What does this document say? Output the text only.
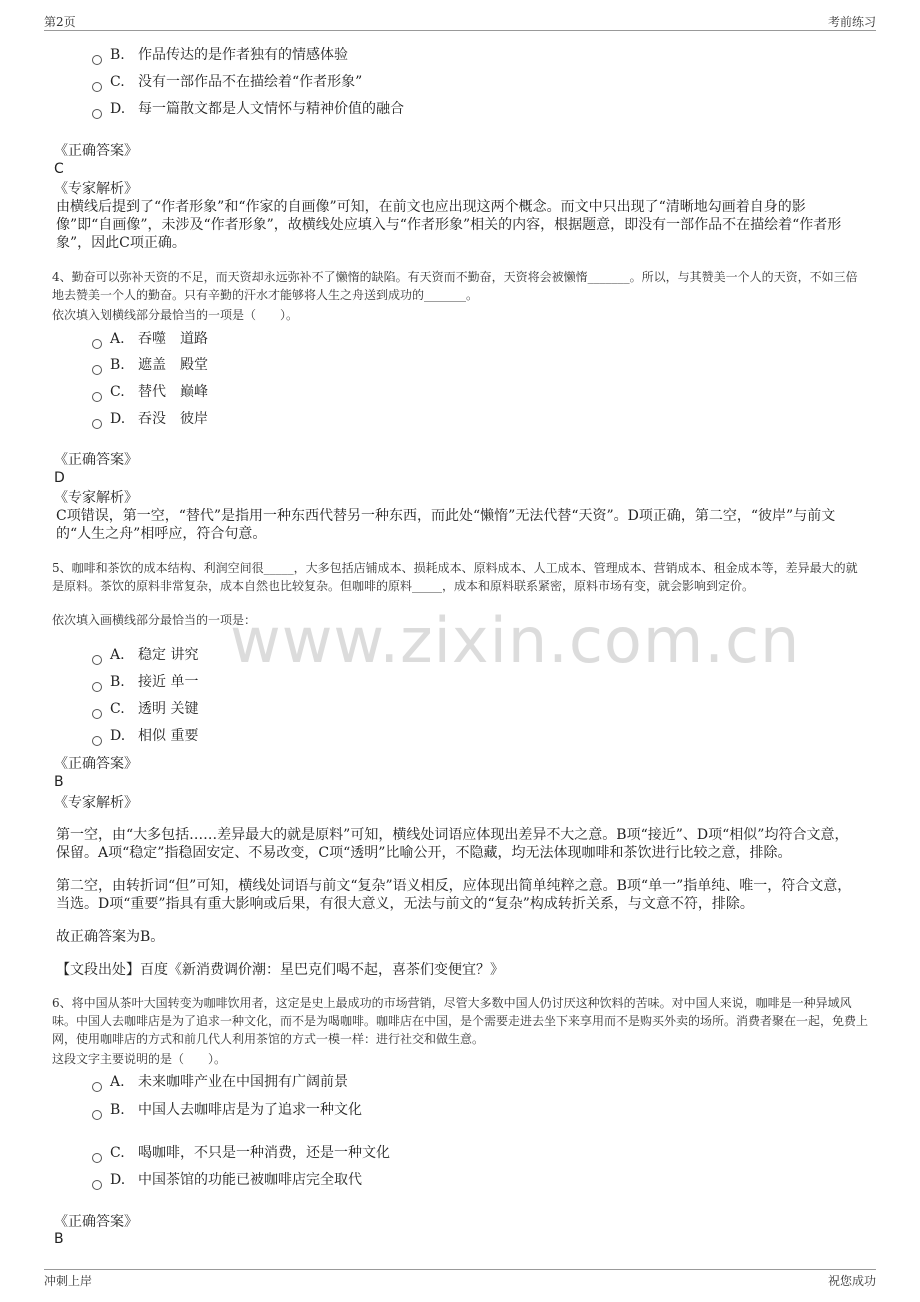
第2页	考前练习
www.zixin.com.cn
B. 作品传达的是作者独有的情感体验
C. 没有一部作品不在描绘着“作者形象”
D. 每一篇散文都是人文情怀与精神价值的融合
《正确答案》
C
《专家解析》
由横线后提到了“作者形象”和“作家的自画像”可知，在前文也应出现这两个概念。而文中只出现了“清晰地勾画着自身的影像”即“自画像”，未涉及“作者形象”，故横线处应填入与“作者形象”相关的内容，根据题意，即没有一部作品不在描绘着“作者形象”，因此C项正确。
4、勤奋可以弥补天资的不足，而天资却永远弥补不了懒惰的缺陷。有天资而不勤奋，天资将会被懒惰_______。所以，与其赞美一个人的天资，不如三倍地去赞美一个人的勤奋。只有辛勤的汗水才能够将人生之舟送到成功的_______。
依次填入划横线部分最恰当的一项是（　　）。
A. 吞噬　道路
B. 遮盖　殿堂
C. 替代　巅峰
D. 吞没　彼岸
《正确答案》
D
《专家解析》
C项错误，第一空，“替代”是指用一种东西代替另一种东西，而此处“懒惰”无法代替“天资”。D项正确，第二空，“彼岸”与前文的“人生之舟”相呼应，符合句意。
5、咖啡和茶饮的成本结构、利润空间很_____，大多包括店铺成本、损耗成本、原料成本、人工成本、管理成本、营销成本、租金成本等，差异最大的就是原料。茶饮的原料非常复杂，成本自然也比较复杂。但咖啡的原料_____，成本和原料联系紧密，原料市场有变，就会影响到定价。
依次填入画横线部分最恰当的一项是：
A. 稳定 讲究
B. 接近 单一
C. 透明 关键
D. 相似 重要
《正确答案》
B
《专家解析》
第一空，由“大多包括……差异最大的就是原料”可知，横线处词语应体现出差异不大之意。B项“接近”、D项“相似”均符合文意，保留。A项“稳定”指稳固安定、不易改变，C项“透明”比喻公开，不隐藏，均无法体现咖啡和茶饮进行比较之意，排除。
第二空，由转折词“但”可知，横线处词语与前文“复杂”语义相反，应体现出简单纯粹之意。B项“单一”指单纯、唯一，符合文意，当选。D项“重要”指具有重大影响或后果，有很大意义，无法与前文的“复杂”构成转折关系，与文意不符，排除。
故正确答案为B。
【文段出处】百度《新消费调价潮：星巴克们喝不起，喜茶们变便宜？》
6、将中国从茶叶大国转变为咖啡饮用者，这定是史上最成功的市场营销，尽管大多数中国人仍讨厌这种饮料的苦味。对中国人来说，咖啡是一种异域风味。中国人去咖啡店是为了追求一种文化，而不是为喝咖啡。咖啡店在中国，是个需要走进去坐下来享用而不是购买外卖的场所。消费者聚在一起，免费上网，使用咖啡店的方式和前几代人利用茶馆的方式一模一样：进行社交和做生意。
这段文字主要说明的是（　　）。
A. 未来咖啡产业在中国拥有广阔前景
B. 中国人去咖啡店是为了追求一种文化
C. 喝咖啡，不只是一种消费，还是一种文化
D. 中国茶馆的功能已被咖啡店完全取代
《正确答案》
B
冲刺上岸	祝您成功
